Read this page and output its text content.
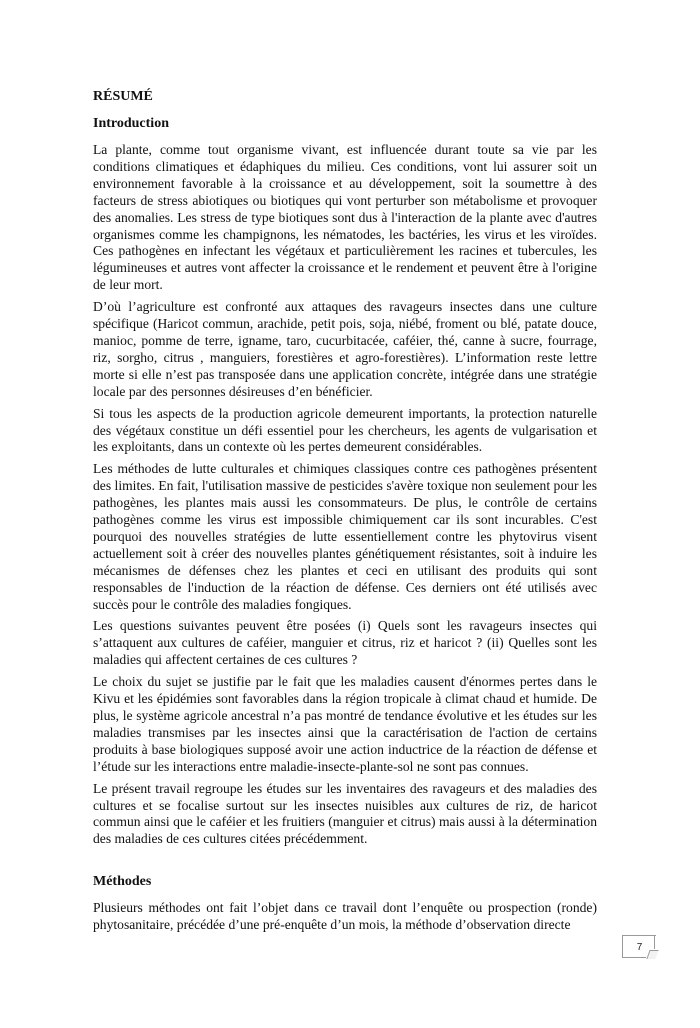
RÉSUMÉ
Introduction

La plante, comme tout organisme vivant, est influencée durant toute sa vie par les conditions climatiques et édaphiques du milieu. Ces conditions, vont lui assurer soit un environnement favorable à la croissance et au développement, soit la soumettre à des facteurs de stress abiotiques ou biotiques qui vont perturber son métabolisme et provoquer des anomalies. Les stress de type biotiques sont dus à l'interaction de la plante avec d'autres organismes comme les champignons, les nématodes, les bactéries, les virus et les viroïdes. Ces pathogènes en infectant les végétaux et particulièrement les racines et tubercules, les légumineuses et autres vont affecter la croissance et le rendement et peuvent être à l'origine de leur mort.

D’où l’agriculture est confronté aux attaques des ravageurs insectes dans une culture spécifique (Haricot commun, arachide, petit pois, soja, niébé, froment ou blé, patate douce, manioc, pomme de terre, igname, taro, cucurbitacée, caféier, thé, canne à sucre, fourrage, riz, sorgho, citrus , manguiers, forestières et agro-forestières). L’information reste lettre morte si elle n’est pas transposée dans une application concrète, intégrée dans une stratégie locale par des personnes désireuses d’en bénéficier.

Si tous les aspects de la production agricole demeurent importants, la protection naturelle des végétaux constitue un défi essentiel pour les chercheurs, les agents de vulgarisation et les exploitants, dans un contexte où les pertes demeurent considérables.

Les méthodes de lutte culturales et chimiques classiques contre ces pathogènes présentent des limites. En fait, l'utilisation massive de pesticides s'avère toxique non seulement pour les pathogènes, les plantes mais aussi les consommateurs. De plus, le contrôle de certains pathogènes comme les virus est impossible chimiquement car ils sont incurables. C'est pourquoi des nouvelles stratégies de lutte essentiellement contre les phytovirus visent actuellement soit à créer des nouvelles plantes génétiquement résistantes, soit à induire les mécanismes de défenses chez les plantes et ceci en utilisant des produits qui sont responsables de l'induction de la réaction de défense. Ces derniers ont été utilisés avec succès pour le contrôle des maladies fongiques.

Les questions suivantes peuvent être posées (i) Quels sont les ravageurs insectes qui s’attaquent aux cultures de caféier, manguier et citrus, riz et haricot ? (ii) Quelles sont les maladies qui affectent certaines de ces cultures ?

Le choix du sujet se justifie par le fait que les maladies causent d'énormes pertes dans le Kivu et les épidémies sont favorables dans la région tropicale à climat chaud et humide. De plus, le système agricole ancestral n’a pas montré de tendance évolutive et les études sur les maladies transmises par les insectes ainsi que la caractérisation de l'action de certains produits à base biologiques supposé avoir une action inductrice de la réaction de défense et l’étude sur les interactions entre maladie-insecte-plante-sol ne sont pas connues.

Le présent travail regroupe les études sur les inventaires des ravageurs et des maladies des cultures et se focalise surtout sur les insectes nuisibles aux cultures de riz, de haricot commun ainsi que le caféier et les fruitiers (manguier et citrus) mais aussi à la détermination des maladies de ces cultures citées précédemment.

Méthodes

Plusieurs méthodes ont fait l’objet dans ce travail dont l’enquête ou prospection (ronde) phytosanitaire, précédée d’une pré-enquête d’un mois, la méthode d’observation directe

7
